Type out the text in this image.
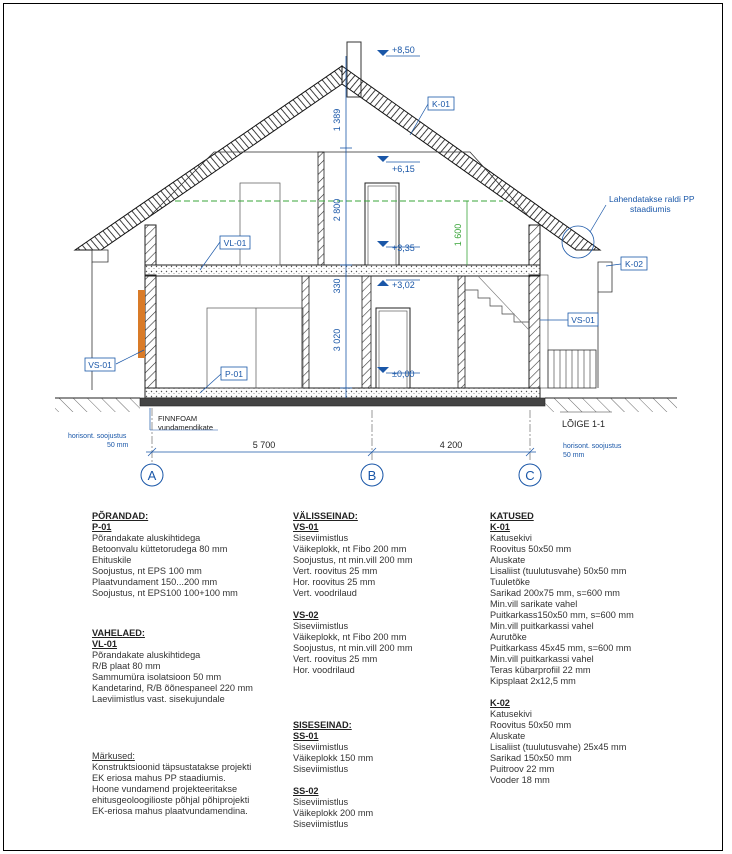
1 600
1 389
2 800
330
3 020
+8,50
+6,15
+3,35
+3,02
±0,00
K-01
VL-01
VS-01
VS-01
P-01
K-02
Lahendatakse raldi PP
staadiumis
LÕIGE 1-1
FINNFOAM
vundamendikate
horisont. soojustus
50 mm	horisont. soojustus
50 mm
5 700	4 200
A	B	C
PÕRANDAD:
P-01
Põrandakate aluskihtidega
Betoonvalu küttetorudega 80 mm
Ehituskile
Soojustus, nt EPS 100 mm
Plaatvundament 150...200 mm
Soojustus, nt EPS100 100+100 mm
VAHELAED:
VL-01
Põrandakate aluskihtidega
R/B plaat 80 mm
Sammumüra isolatsioon 50 mm
Kandetarind, R/B õõnespaneel 220 mm
Laeviimistlus vast. sisekujundale
Märkused:
Konstruktsioonid täpsustatakse projekti
EK eriosa mahus PP staadiumis.
Hoone vundamend projekteeritakse
ehitusgeoloogilioste põhjal põhiprojekti
EK-eriosa mahus plaatvundamendina.
VÄLISSEINAD:
VS-01
Siseviimistlus
Väikeplokk, nt Fibo 200 mm
Soojustus, nt min.vill 200 mm
Vert. roovitus 25 mm
Hor. roovitus 25 mm
Vert. voodrilaud
VS-02
Siseviimistlus
Väikeplokk, nt Fibo 200 mm
Soojustus, nt min.vill 200 mm
Vert. roovitus 25 mm
Hor. voodrilaud
SISESEINAD:
SS-01
Siseviimistlus
Väikeplokk 150 mm
Siseviimistlus
SS-02
Siseviimistlus
Väikeplokk 200 mm
Siseviimistlus
KATUSED
K-01
Katusekivi
Roovitus 50x50 mm
Aluskate
Lisaliist (tuulutusvahe) 50x50 mm
Tuuletõke
Sarikad 200x75 mm, s=600 mm
Min.vill sarikate vahel
Puitkarkass150x50 mm, s=600 mm
Min.vill puitkarkassi vahel
Aurutõke
Puitkarkass 45x45 mm, s=600 mm
Min.vill puitkarkassi vahel
Teras kübarprofiil 22 mm
Kipsplaat 2x12,5 mm
K-02
Katusekivi
Roovitus 50x50 mm
Aluskate
Lisaliist (tuulutusvahe) 25x45 mm
Sarikad 150x50 mm
Puitroov 22 mm
Vooder 18 mm
